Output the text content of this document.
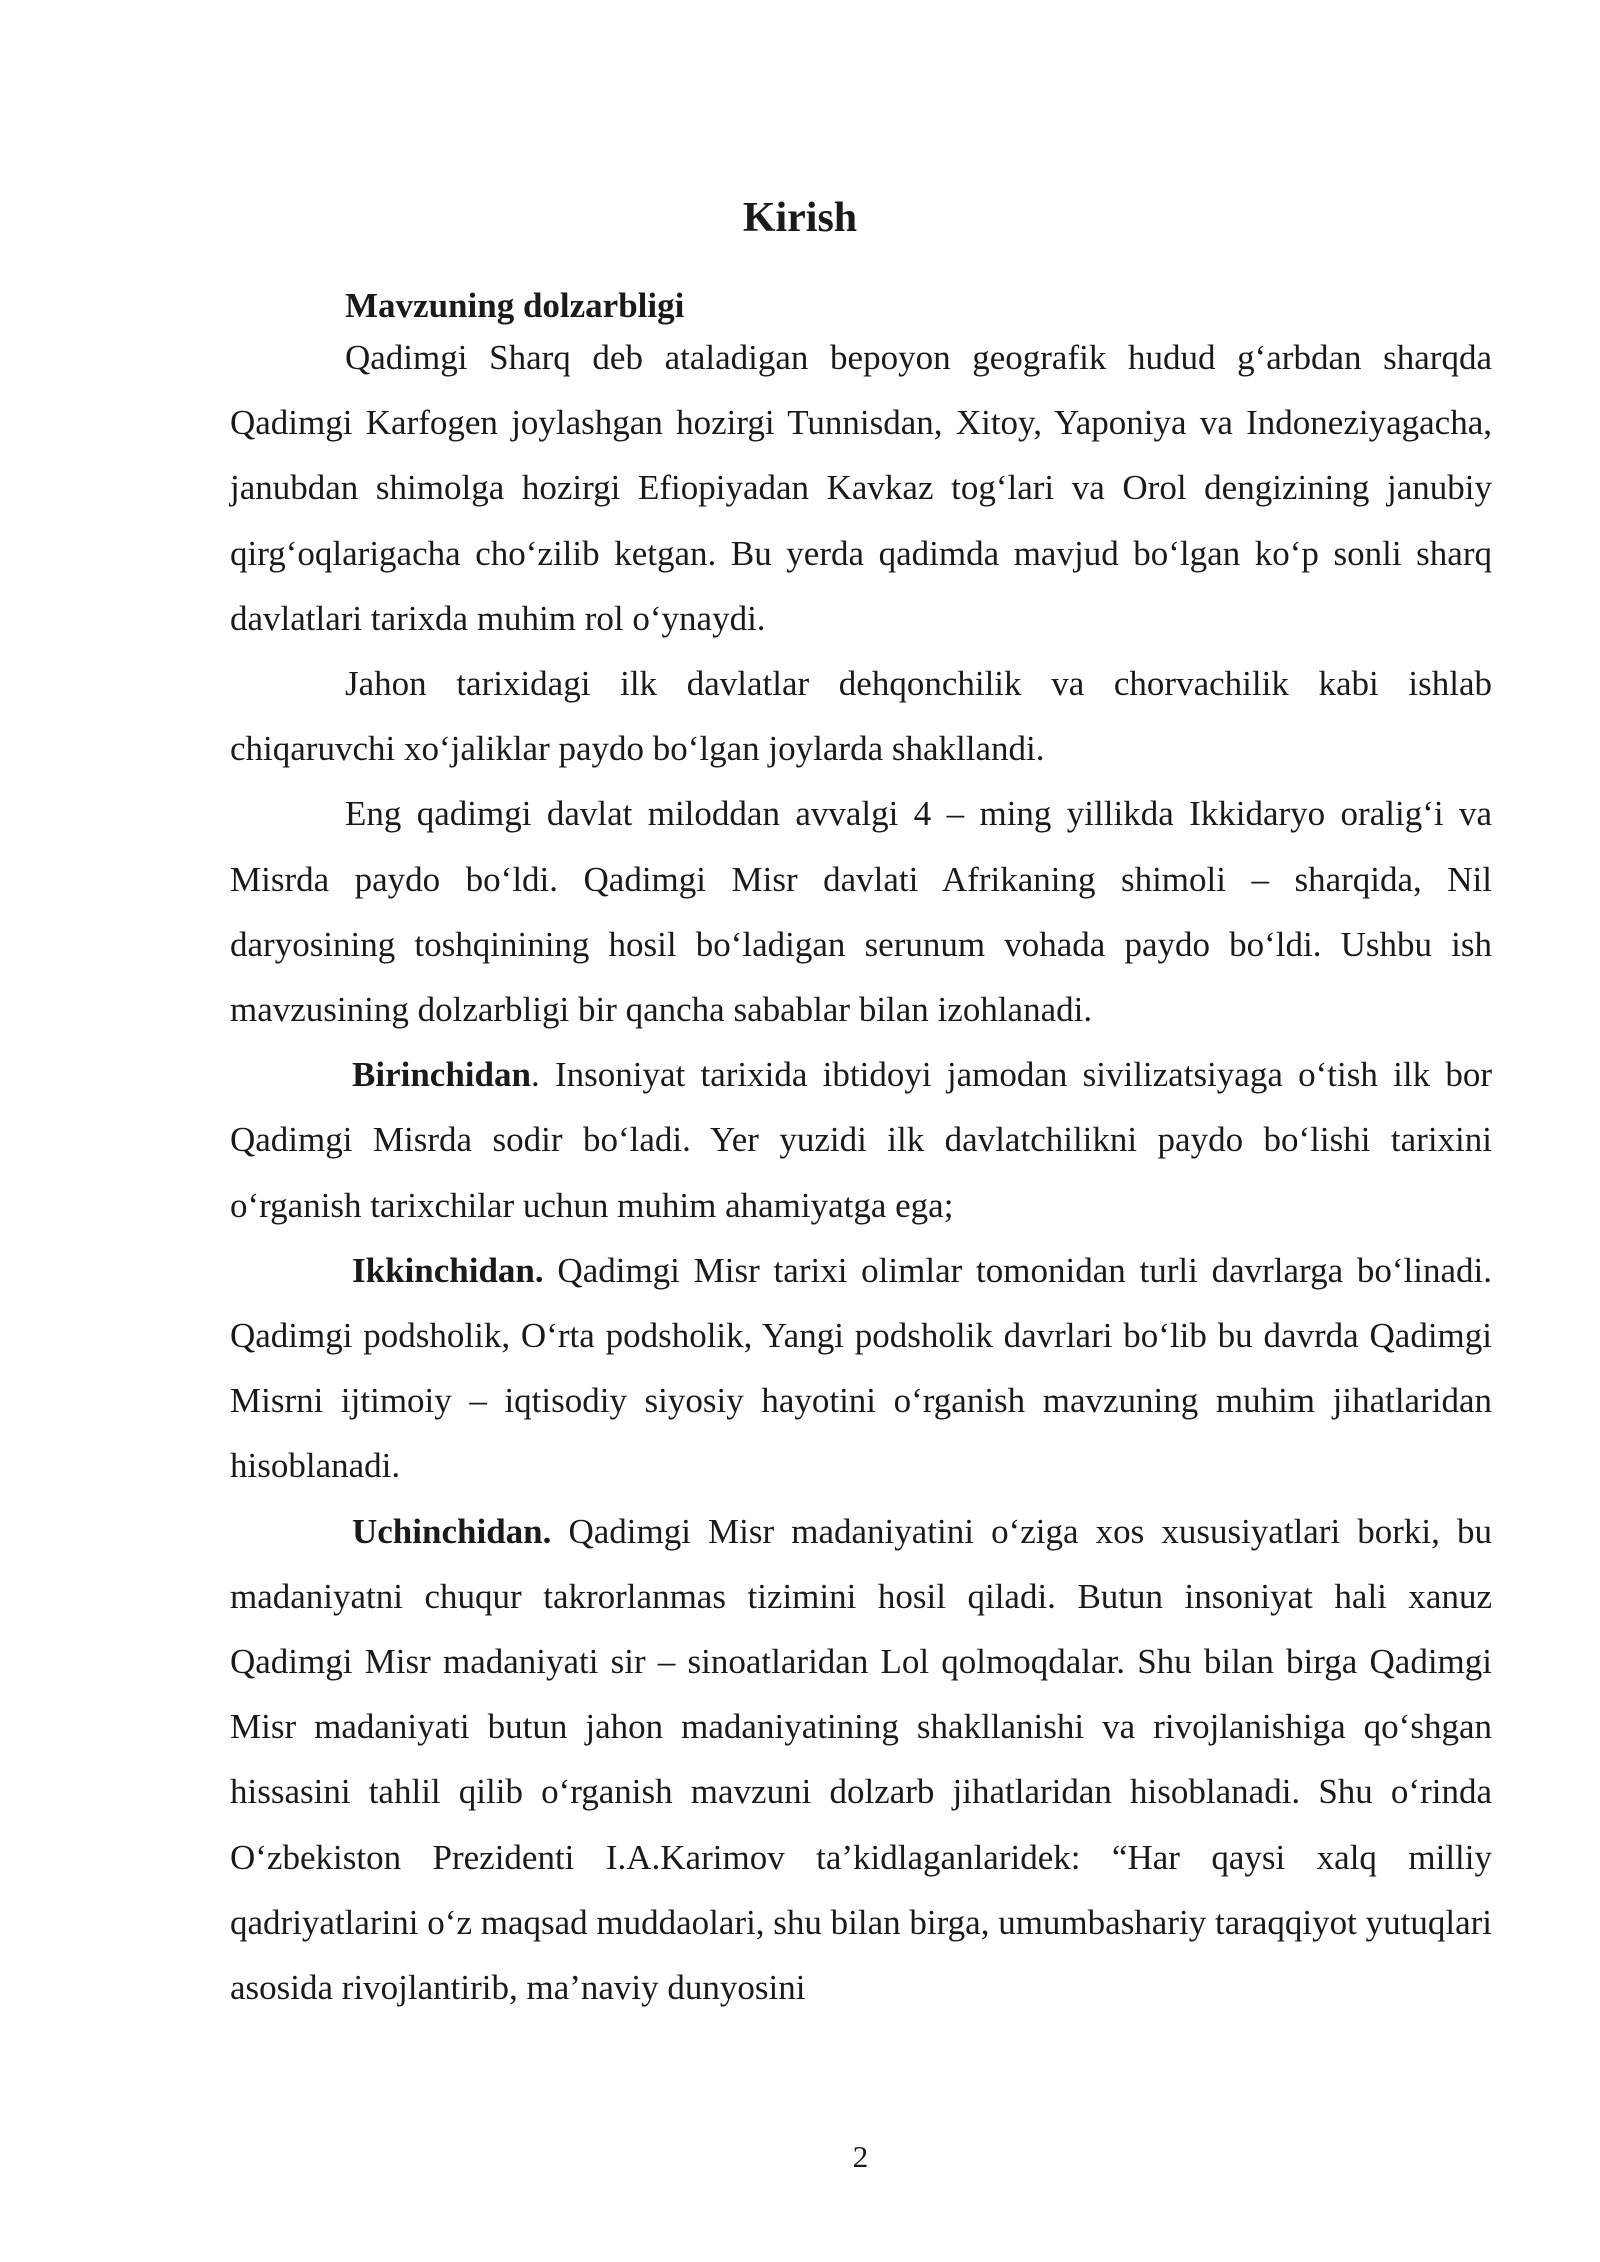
Kirish
Mavzuning dolzarbligi

Qadimgi Sharq deb ataladigan bepoyon geografik hudud g‘arbdan sharqda Qadimgi Karfogen joylashgan hozirgi Tunnisdan, Xitoy, Yaponiya va Indoneziyagacha, janubdan shimolga hozirgi Efiopiyadan Kavkaz tog‘lari va Orol dengizining janubiy qirg‘oqlarigacha cho‘zilib ketgan. Bu yerda qadimda mavjud bo‘lgan ko‘p sonli sharq davlatlari tarixda muhim rol o‘ynaydi.

Jahon tarixidagi ilk davlatlar dehqonchilik va chorvachilik kabi ishlab chiqaruvchi xo‘jaliklar paydo bo‘lgan joylarda shakllandi.

Eng qadimgi davlat miloddan avvalgi 4 – ming yillikda Ikkidaryo oralig‘i va Misrda paydo bo‘ldi. Qadimgi Misr davlati Afrikaning shimoli – sharqida, Nil daryosining toshqinining hosil bo‘ladigan serunum vohada paydo bo‘ldi. Ushbu ish mavzusining dolzarbligi bir qancha sabablar bilan izohlanadi.

Birinchidan. Insoniyat tarixida ibtidoyi jamodan sivilizatsiyaga o‘tish ilk bor Qadimgi Misrda sodir bo‘ladi. Yer yuzidi ilk davlatchilikni paydo bo‘lishi tarixini o‘rganish tarixchilar uchun muhim ahamiyatga ega;

Ikkinchidan. Qadimgi Misr tarixi olimlar tomonidan turli davrlarga bo‘linadi. Qadimgi podsholik, O‘rta podsholik, Yangi podsholik davrlari bo‘lib bu davrda Qadimgi Misrni ijtimoiy – iqtisodiy siyosiy hayotini o‘rganish mavzuning muhim jihatlaridan hisoblanadi.

Uchinchidan. Qadimgi Misr madaniyatini o‘ziga xos xususiyatlari borki, bu madaniyatni chuqur takrorlanmas tizimini hosil qiladi. Butun insoniyat hali xanuz Qadimgi Misr madaniyati sir – sinoatlaridan Lol qolmoqdalar. Shu bilan birga Qadimgi Misr madaniyati butun jahon madaniyatining shakllanishi va rivojlanishiga qo‘shgan hissasini tahlil qilib o‘rganish mavzuni dolzarb jihatlaridan hisoblanadi. Shu o‘rinda O‘zbekiston Prezidenti I.A.Karimov ta’kidlaganlaridek: “Har qaysi xalq milliy qadriyatlarini o‘z maqsad muddaolari, shu bilan birga, umumbashariy taraqqiyot yutuqlari asosida rivojlantirib, ma’naviy dunyosini

2
